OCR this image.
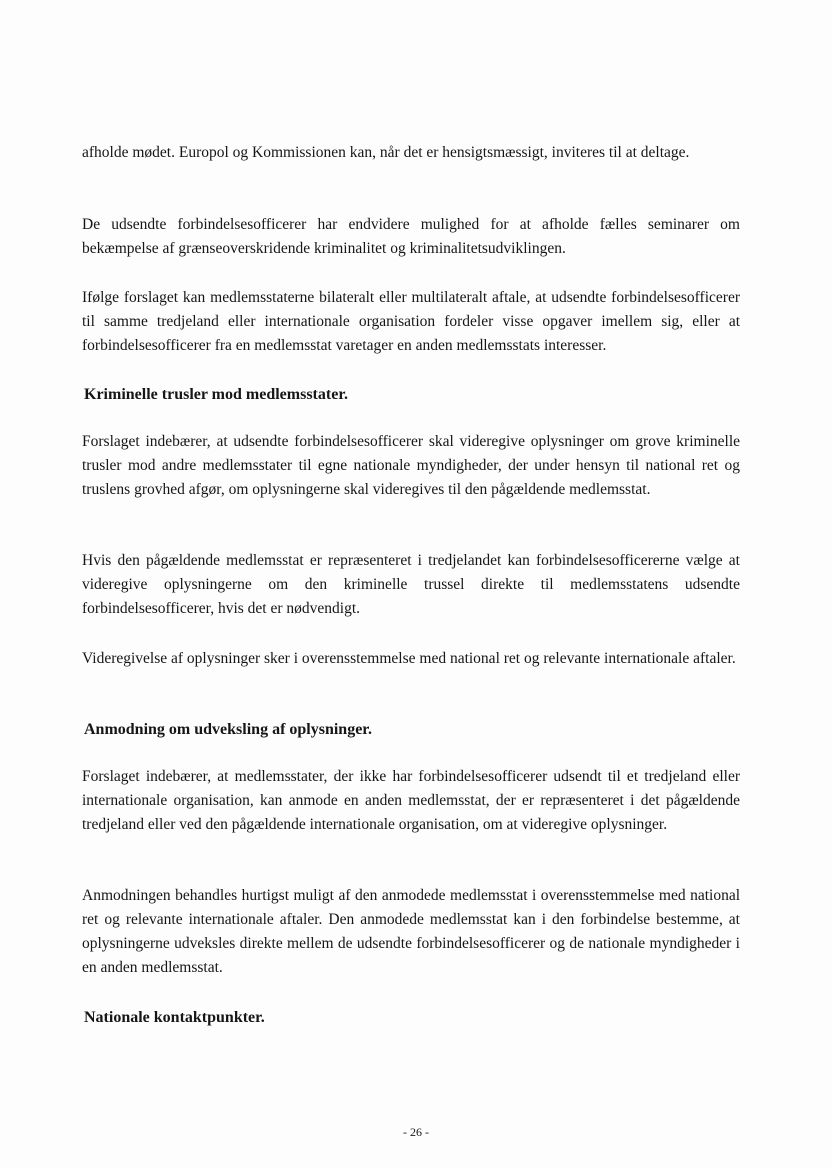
afholde mødet. Europol og Kommissionen kan, når det er hensigtsmæssigt, inviteres til at deltage.

De udsendte forbindelsesofficerer har endvidere mulighed for at afholde fælles seminarer om bekæmpelse af grænseoverskridende kriminalitet og kriminalitetsudviklingen.

Ifølge forslaget kan medlemsstaterne bilateralt eller multilateralt aftale, at udsendte forbindelsesofficerer til samme tredjeland eller internationale organisation fordeler visse opgaver imellem sig, eller at forbindelsesofficerer fra en medlemsstat varetager en anden medlemsstats interesser.

Kriminelle trusler mod medlemsstater.

Forslaget indebærer, at udsendte forbindelsesofficerer skal videregive oplysninger om grove kriminelle trusler mod andre medlemsstater til egne nationale myndigheder, der under hensyn til national ret og truslens grovhed afgør, om oplysningerne skal videregives til den pågældende medlemsstat.

Hvis den pågældende medlemsstat er repræsenteret i tredjelandet kan forbindelsesofficererne vælge at videregive oplysningerne om den kriminelle trussel direkte til medlemsstatens udsendte forbindelsesofficerer, hvis det er nødvendigt.

Videregivelse af oplysninger sker i overensstemmelse med national ret og relevante internationale aftaler.

Anmodning om udveksling af oplysninger.

Forslaget indebærer, at medlemsstater, der ikke har forbindelsesofficerer udsendt til et tredjeland eller internationale organisation, kan anmode en anden medlemsstat, der er repræsenteret i det pågældende tredjeland eller ved den pågældende internationale organisation, om at videregive oplysninger.

Anmodningen behandles hurtigst muligt af den anmodede medlemsstat i overensstemmelse med national ret og relevante internationale aftaler. Den anmodede medlemsstat kan i den forbindelse bestemme, at oplysningerne udveksles direkte mellem de udsendte forbindelsesofficerer og de nationale myndigheder i en anden medlemsstat.

Nationale kontaktpunkter.
- 26 -
